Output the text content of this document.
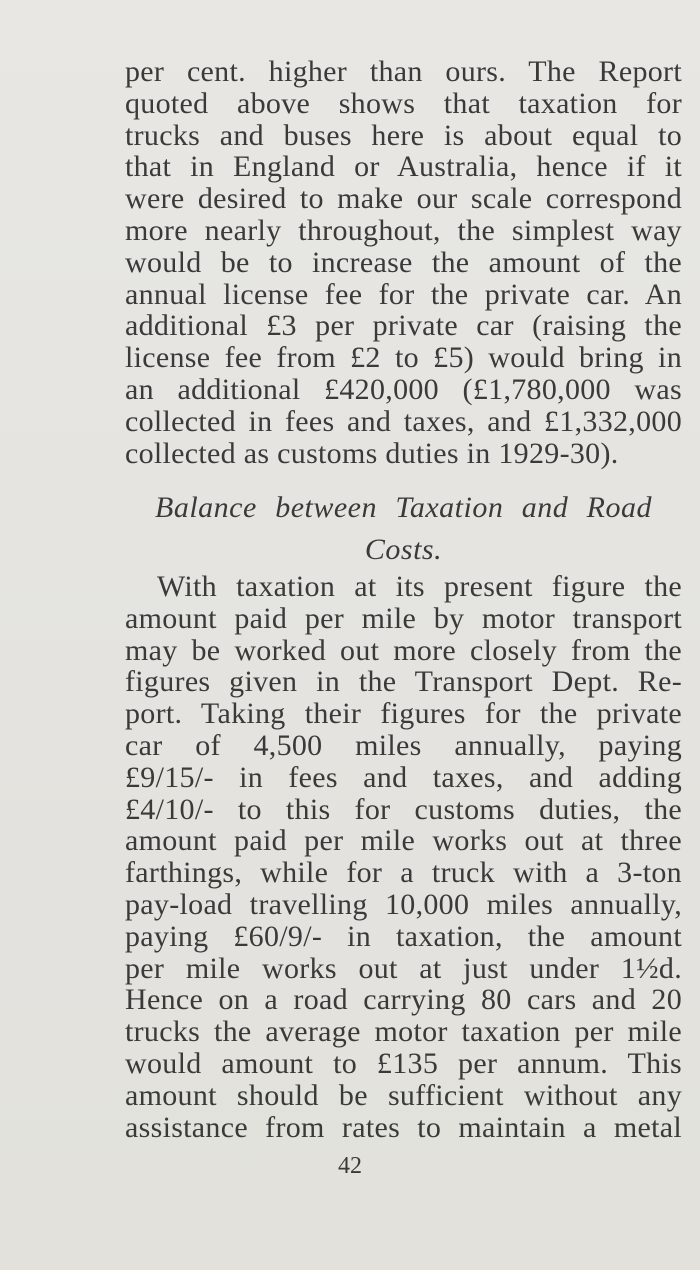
per cent. higher than ours. The Report
quoted above shows that taxation for
trucks and buses here is about equal to
that in England or Australia, hence if it
were desired to make our scale correspond
more nearly throughout, the simplest way
would be to increase the amount of the
annual license fee for the private car. An
additional £3 per private car (raising the
license fee from £2 to £5) would bring in
an additional £420,000 (£1,780,000 was
collected in fees and taxes, and £1,332,000
collected as customs duties in 1929-30).
Balance between Taxation and Road
Costs.
With taxation at its present figure the
amount paid per mile by motor transport
may be worked out more closely from the
figures given in the Transport Dept. Re-
port. Taking their figures for the private
car of 4,500 miles annually, paying
£9/15/- in fees and taxes, and adding
£4/10/- to this for customs duties, the
amount paid per mile works out at three
farthings, while for a truck with a 3-ton
pay-load travelling 10,000 miles annually,
paying £60/9/- in taxation, the amount
per mile works out at just under 1½d.
Hence on a road carrying 80 cars and 20
trucks the average motor taxation per mile
would amount to £135 per annum. This
amount should be sufficient without any
assistance from rates to maintain a metal
42
